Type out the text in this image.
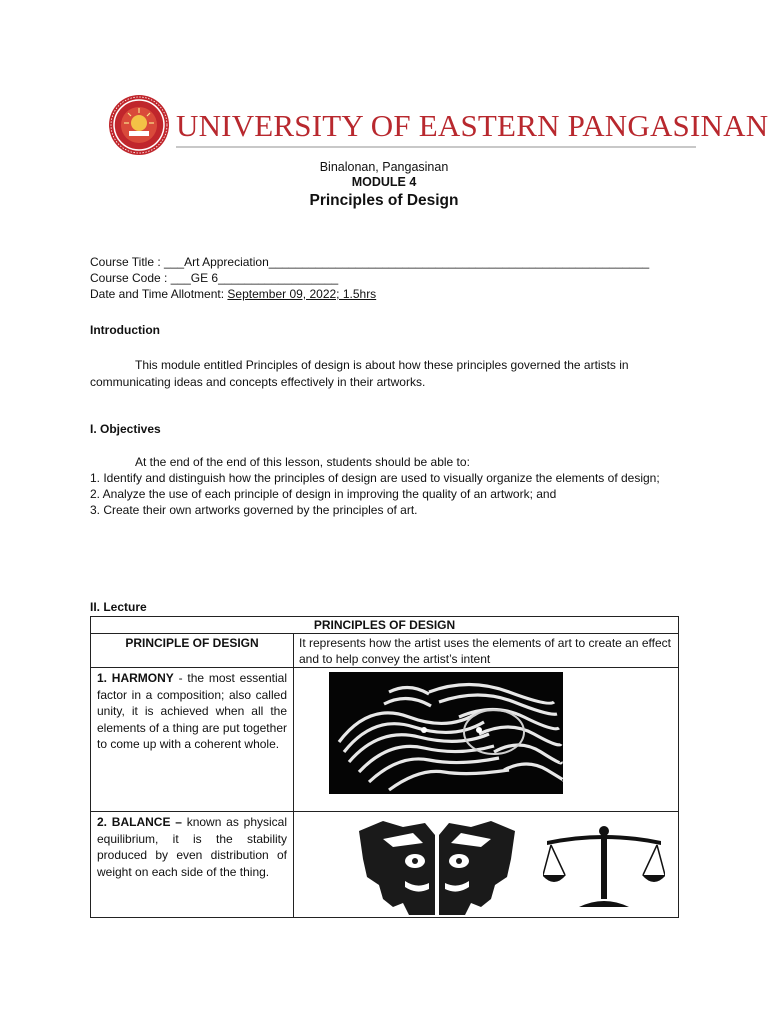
UNIVERSITY OF EASTERN PANGASINAN
Binalonan, Pangasinan
MODULE 4
Principles of Design
Course Title : ___Art Appreciation_________________________________________________________
Course Code : ___GE 6__________________
Date and Time Allotment: September 09, 2022; 1.5hrs
Introduction
This module entitled Principles of design is about how these principles governed the artists in communicating ideas and concepts effectively in their artworks.
I. Objectives
At the end of the end of this lesson, students should be able to:
1. Identify and distinguish how the principles of design are used to visually organize the elements of design;
2. Analyze the use of each principle of design in improving the quality of an artwork; and
3. Create their own artworks governed by the principles of art.
II. Lecture
PRINCIPLES OF DESIGN
PRINCIPLE OF DESIGN	It represents how the artist uses the elements of art to create an effect and to help convey the artist’s intent
1. HARMONY - the most essential factor in a composition; also called unity, it is achieved when all the elements of a thing are put together to come up with a coherent whole.
2. BALANCE – known as physical equilibrium, it is the stability produced by even distribution of weight on each side of the thing.
